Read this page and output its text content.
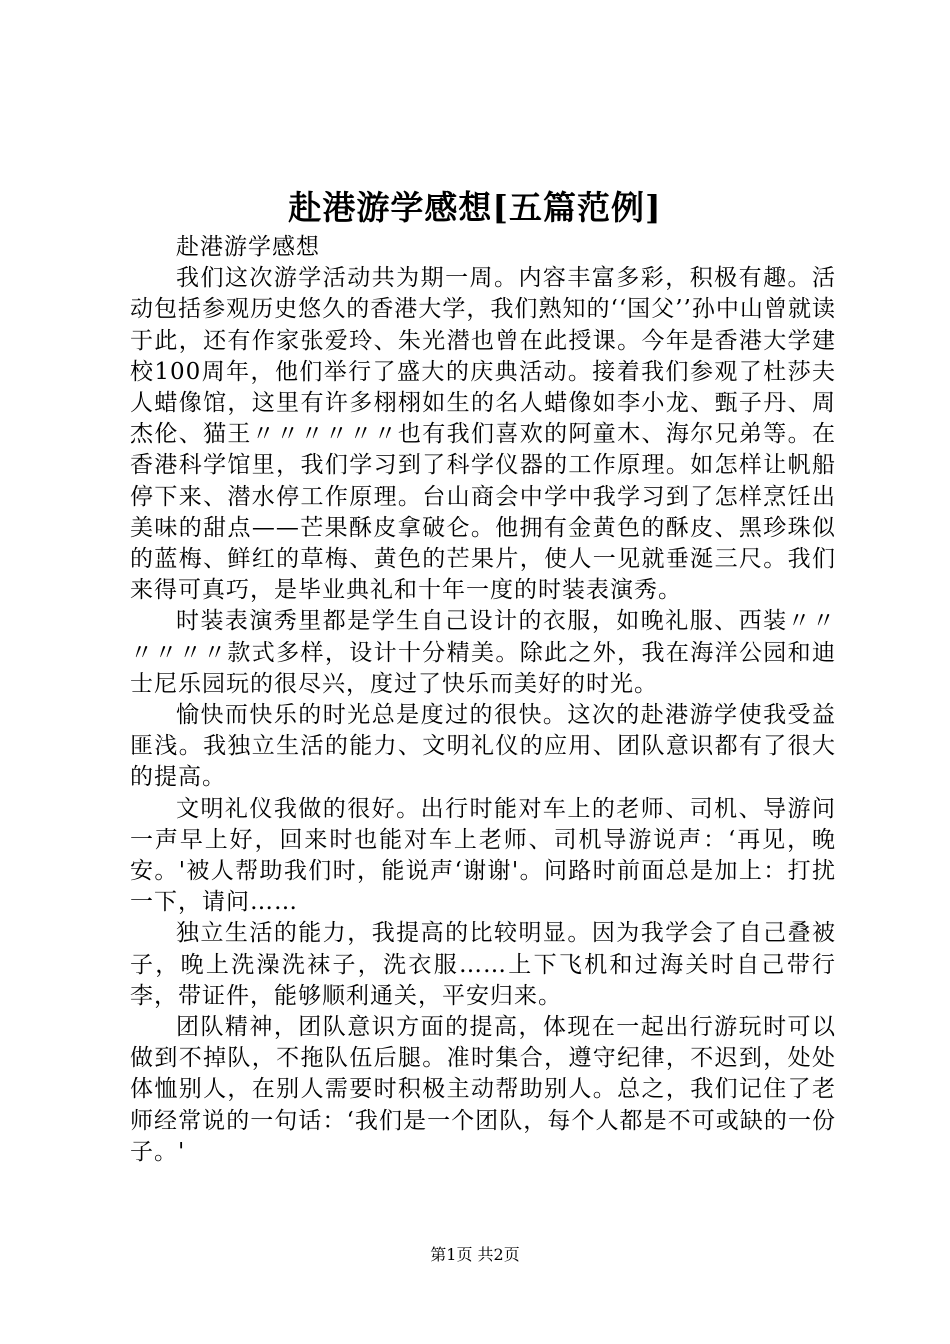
赴港游学感想[五篇范例]

赴港游学感想

我们这次游学活动共为期一周。内容丰富多彩，积极有趣。活动包括参观历史悠久的香港大学，我们熟知的‘‘国父’’孙中山曾就读于此，还有作家张爱玲、朱光潜也曾在此授课。今年是香港大学建校100周年，他们举行了盛大的庆典活动。接着我们参观了杜莎夫人蜡像馆，这里有许多栩栩如生的名人蜡像如李小龙、甄子丹、周杰伦、猫王〃〃〃〃〃〃也有我们喜欢的阿童木、海尔兄弟等。在香港科学馆里，我们学习到了科学仪器的工作原理。如怎样让帆船停下来、潜水停工作原理。台山商会中学中我学习到了怎样烹饪出美味的甜点——芒果酥皮拿破仑。他拥有金黄色的酥皮、黑珍珠似的蓝梅、鲜红的草梅、黄色的芒果片，使人一见就垂涎三尺。我们来得可真巧，是毕业典礼和十年一度的时装表演秀。

时装表演秀里都是学生自己设计的衣服，如晚礼服、西装〃〃〃〃〃〃款式多样，设计十分精美。除此之外，我在海洋公园和迪士尼乐园玩的很尽兴，度过了快乐而美好的时光。

愉快而快乐的时光总是度过的很快。这次的赴港游学使我受益匪浅。我独立生活的能力、文明礼仪的应用、团队意识都有了很大的提高。

文明礼仪我做的很好。出行时能对车上的老师、司机、导游问一声早上好，回来时也能对车上老师、司机导游说声：‘再见，晚安。'被人帮助我们时，能说声‘谢谢'。问路时前面总是加上：打扰一下，请问……

独立生活的能力，我提高的比较明显。因为我学会了自己叠被子，晚上洗澡洗袜子，洗衣服……上下飞机和过海关时自己带行李，带证件，能够顺利通关，平安归来。

团队精神，团队意识方面的提高，体现在一起出行游玩时可以做到不掉队，不拖队伍后腿。准时集合，遵守纪律，不迟到，处处体恤别人，在别人需要时积极主动帮助别人。总之，我们记住了老师经常说的一句话：‘我们是一个团队，每个人都是不可或缺的一份子。'

第1页 共2页
